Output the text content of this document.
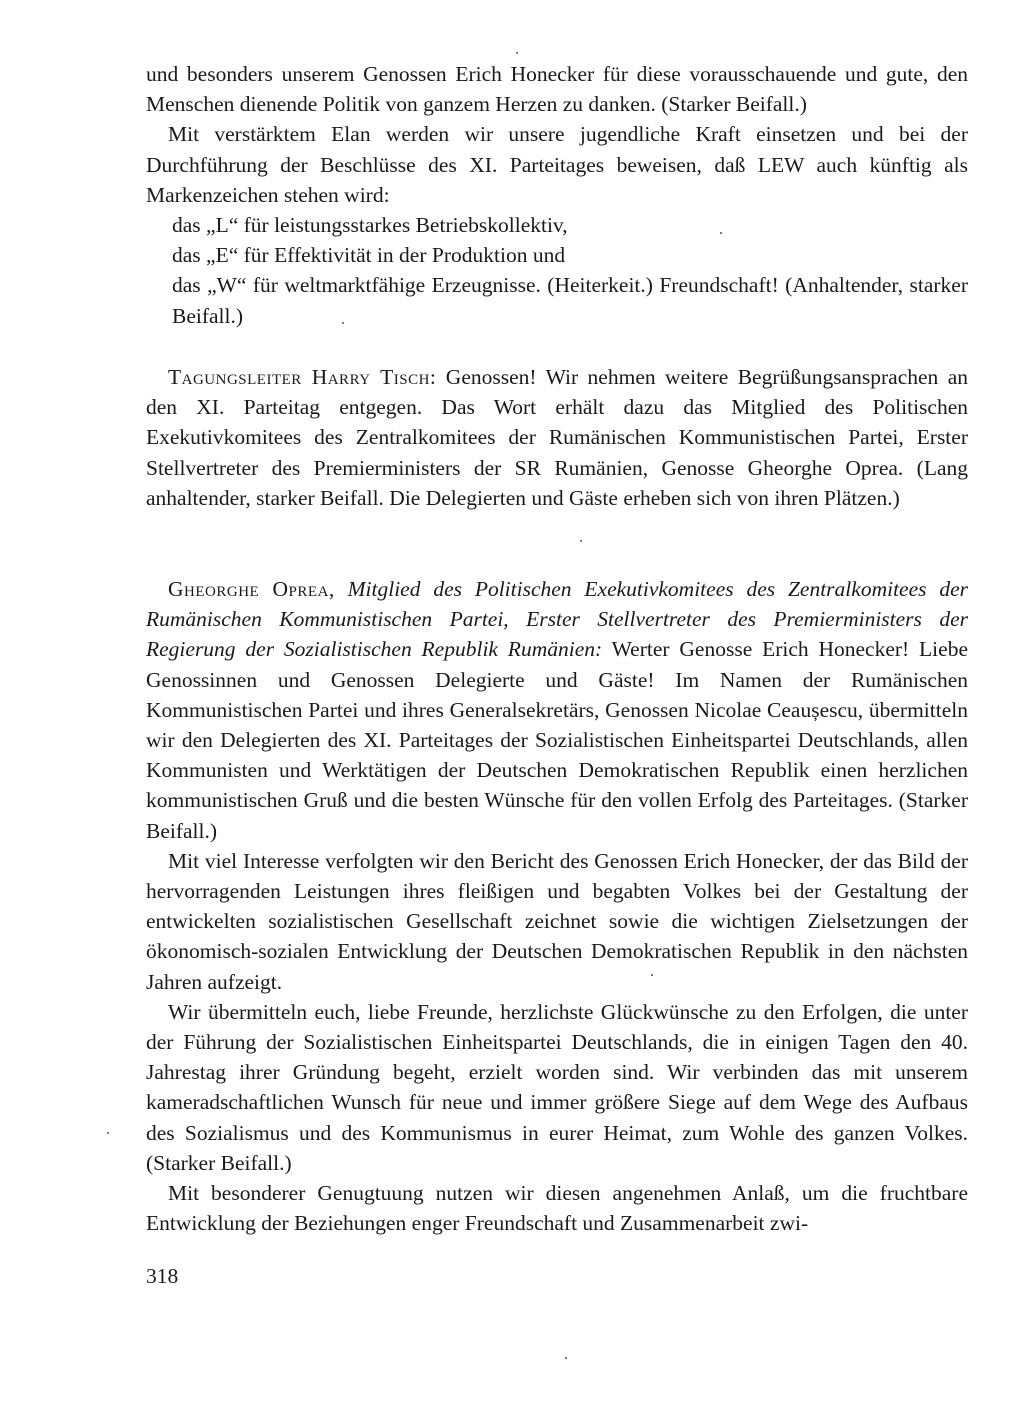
und besonders unserem Genossen Erich Honecker für diese vorausschauende und gute, den Menschen dienende Politik von ganzem Herzen zu danken. (Starker Beifall.)

Mit verstärktem Elan werden wir unsere jugendliche Kraft einsetzen und bei der Durchführung der Beschlüsse des XI. Parteitages beweisen, daß LEW auch künftig als Markenzeichen stehen wird:

das „L“ für leistungsstarkes Betriebskollektiv,

das „E“ für Effektivität in der Produktion und

das „W“ für weltmarktfähige Erzeugnisse. (Heiterkeit.) Freundschaft! (Anhaltender, starker Beifall.)

Tagungsleiter Harry Tisch: Genossen! Wir nehmen weitere Begrüßungsansprachen an den XI. Parteitag entgegen. Das Wort erhält dazu das Mitglied des Politischen Exekutivkomitees des Zentralkomitees der Rumänischen Kommunistischen Partei, Erster Stellvertreter des Premierministers der SR Rumänien, Genosse Gheorghe Oprea. (Lang anhaltender, starker Beifall. Die Delegierten und Gäste erheben sich von ihren Plätzen.)

Gheorghe Oprea, Mitglied des Politischen Exekutivkomitees des Zentralkomitees der Rumänischen Kommunistischen Partei, Erster Stellvertreter des Premierministers der Regierung der Sozialistischen Republik Rumänien: Werter Genosse Erich Honecker! Liebe Genossinnen und Genossen Delegierte und Gäste! Im Namen der Rumänischen Kommunistischen Partei und ihres Generalsekretärs, Genossen Nicolae Ceaușescu, übermitteln wir den Delegierten des XI. Parteitages der Sozialistischen Einheitspartei Deutschlands, allen Kommunisten und Werktätigen der Deutschen Demokratischen Republik einen herzlichen kommunistischen Gruß und die besten Wünsche für den vollen Erfolg des Parteitages. (Starker Beifall.)

Mit viel Interesse verfolgten wir den Bericht des Genossen Erich Honecker, der das Bild der hervorragenden Leistungen ihres fleißigen und begabten Volkes bei der Gestaltung der entwickelten sozialistischen Gesellschaft zeichnet sowie die wichtigen Zielsetzungen der ökonomisch-sozialen Entwicklung der Deutschen Demokratischen Republik in den nächsten Jahren aufzeigt.

Wir übermitteln euch, liebe Freunde, herzlichste Glückwünsche zu den Erfolgen, die unter der Führung der Sozialistischen Einheitspartei Deutschlands, die in einigen Tagen den 40. Jahrestag ihrer Gründung begeht, erzielt worden sind. Wir verbinden das mit unserem kameradschaftlichen Wunsch für neue und immer größere Siege auf dem Wege des Aufbaus des Sozialismus und des Kommunismus in eurer Heimat, zum Wohle des ganzen Volkes. (Starker Beifall.)

Mit besonderer Genugtuung nutzen wir diesen angenehmen Anlaß, um die fruchtbare Entwicklung der Beziehungen enger Freundschaft und Zusammenarbeit zwi-

318
